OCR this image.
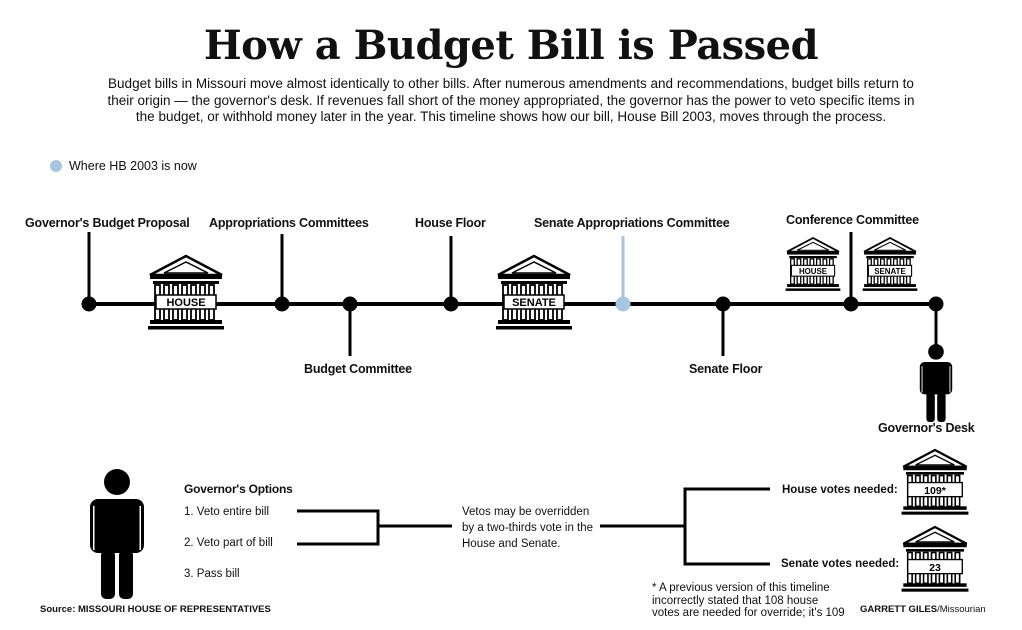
How a Budget Bill is Passed

Budget bills in Missouri move almost identically to other bills. After numerous amendments and recommendations, budget bills return to their origin — the governor's desk. If revenues fall short of the money appropriated, the governor has the power to veto specific items in the budget, or withhold money later in the year. This timeline shows how our bill, House Bill 2003, moves through the process.

Where HB 2003 is now
HOUSE	SENATE
HOUSE	SENATE
109*
23
Governor's Budget Proposal Appropriations Committees	House Floor	Senate Appropriations Committee	Conference Committee
Budget Committee	Senate Floor
Governor's Desk
Governor's Options
1. Veto entire bill
2. Veto part of bill
3. Pass bill
Vetos may be overridden by a two-thirds vote in the House and Senate.
House votes needed:
Senate votes needed:
* A previous version of this timeline incorrectly stated that 108 house votes are needed for override; it's 109
Source: MISSOURI HOUSE OF REPRESENTATIVES	GARRETT GILES/Missourian
